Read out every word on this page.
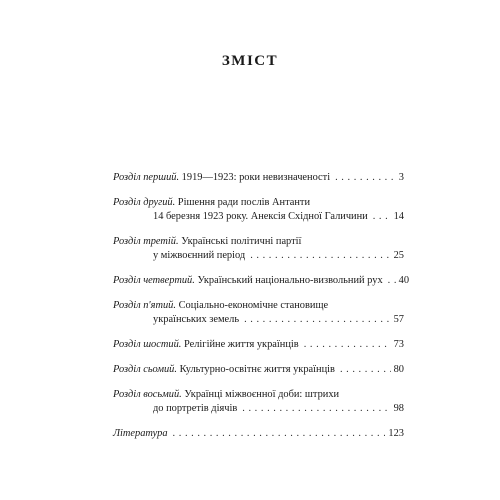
ЗМІСТ
Розділ перший. 1919—1923: роки невизначеності . . .	3
Розділ другий. Рішення ради послів Антанти
14 березня 1923 року. Анексія Східної Галичини . . . 14
Розділ третій. Українські політичні партії
у міжвоєнний період . . .	25
Розділ четвертий. Український національно-визвольний рух . . . 40
Розділ п'ятий. Соціально-економічне становище
українських земель . . .	57
Розділ шостий. Релігійне життя українців . . .	73
Розділ сьомий. Культурно-освітнє життя українців . . .	80
Розділ восьмий. Українці міжвоєнної доби: штрихи
до портретів діячів . . .	98
Література . . .	123
